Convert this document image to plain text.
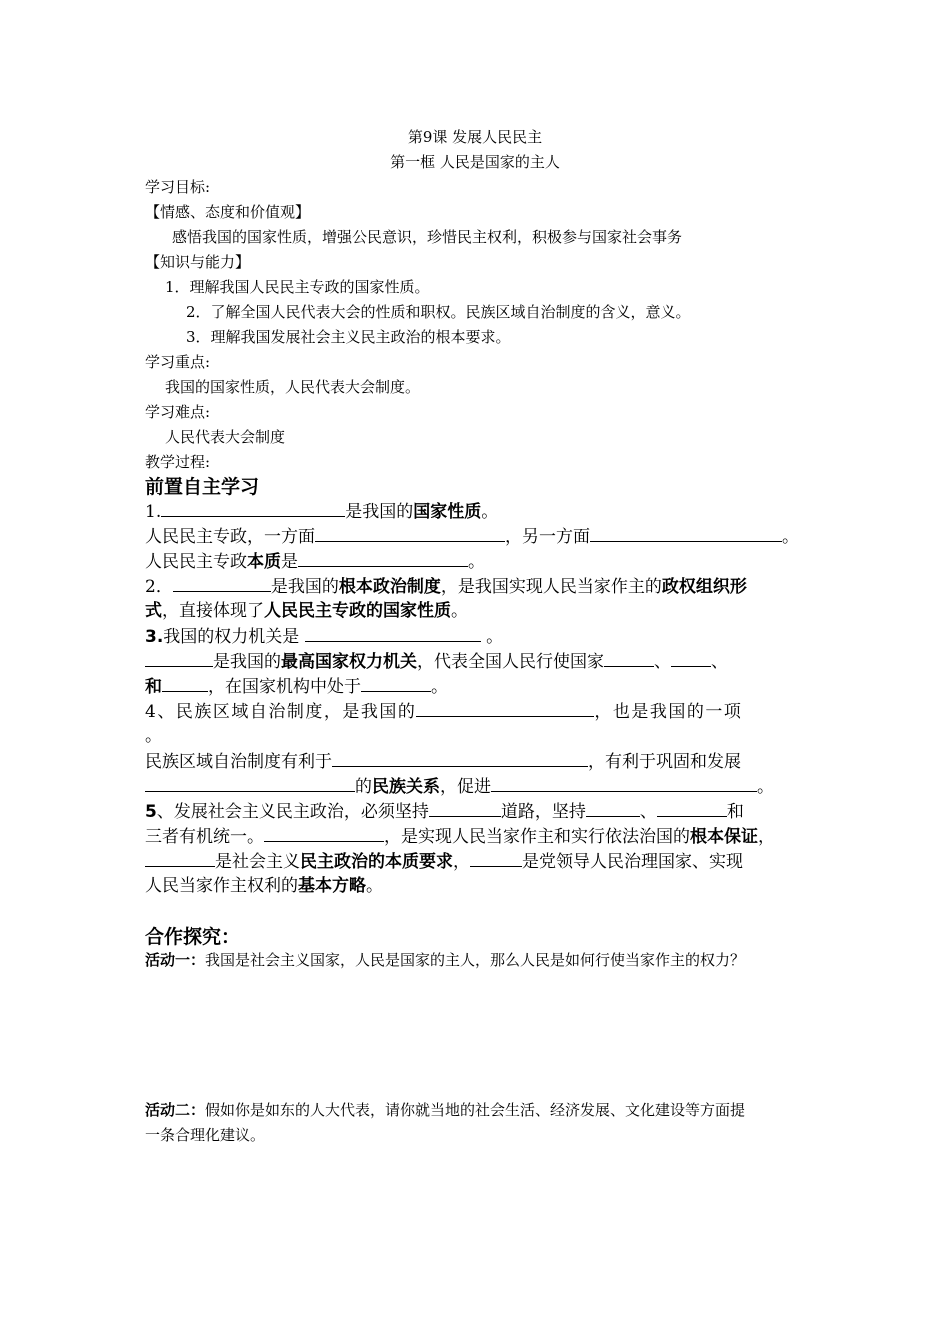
第9课 发展人民民主
第一框 人民是国家的主人
学习目标:
【情感、态度和价值观】
感悟我国的国家性质，增强公民意识，珍惜民主权利，积极参与国家社会事务
【知识与能力】
1．理解我国人民民主专政的国家性质。
2．了解全国人民代表大会的性质和职权。民族区域自治制度的含义，意义。
3．理解我国发展社会主义民主政治的根本要求。
学习重点:
我国的国家性质，人民代表大会制度。
学习难点:
人民代表大会制度
教学过程:
前置自主学习
1.	是我国的国家性质。
人民民主专政，一方面	，另一方面	。
人民民主专政本质是	。
2．	是我国的根本政治制度，是我国实现人民当家作主的政权组织形
式，直接体现了人民民主专政的国家性质。
3.我国的权力机关是	。
是我国的最高国家权力机关，代表全国人民行使国家	、 、
和	，在国家机构中处于	。
4、民族区域自治制度，是我国的	，也是我国的一项
。
民族区域自治制度有利于	，有利于巩固和发展
的民族关系，促进	。
5、发展社会主义民主政治，必须坚持	道路，坚持	、	和
三者有机统一。	，是实现人民当家作主和实行依法治国的根本保证，
是社会主义民主政治的本质要求，	是党领导人民治理国家、实现
人民当家作主权利的基本方略。
合作探究：
活动一：我国是社会主义国家，人民是国家的主人，那么人民是如何行使当家作主的权力？
活动二：假如你是如东的人大代表，请你就当地的社会生活、经济发展、文化建设等方面提
一条合理化建议。
